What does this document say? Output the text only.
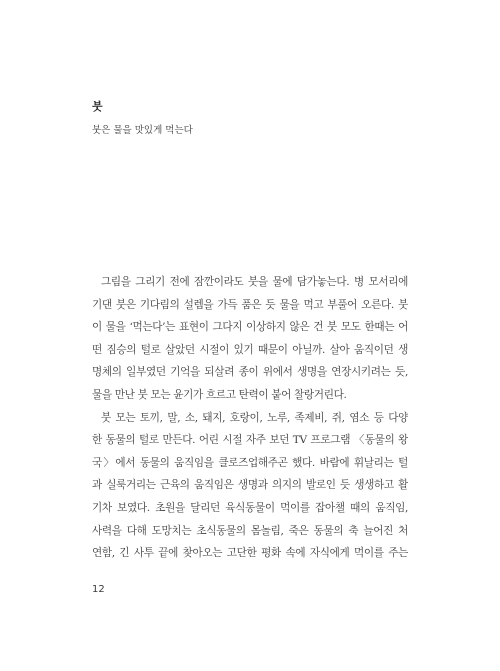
붓
붓은 물을 맛있게 먹는다
그림을 그리기 전에 잠깐이라도 붓을 물에 담가놓는다. 병 모서리에
기댄 붓은 기다림의 설렘을 가득 품은 듯 물을 먹고 부풀어 오른다. 붓
이 물을 ‘먹는다’는 표현이 그다지 이상하지 않은 건 붓 모도 한때는 어
떤 짐승의 털로 살았던 시절이 있기 때문이 아닐까. 살아 움직이던 생
명체의 일부였던 기억을 되살려 종이 위에서 생명을 연장시키려는 듯,
물을 만난 붓 모는 윤기가 흐르고 탄력이 붙어 찰랑거린다.
붓 모는 토끼, 말, 소, 돼지, 호랑이, 노루, 족제비, 쥐, 염소 등 다양
한 동물의 털로 만든다. 어린 시절 자주 보던 TV 프로그램 〈동물의 왕
국〉에서 동물의 움직임을 클로즈업해주곤 했다. 바람에 휘날리는 털
과 실룩거리는 근육의 움직임은 생명과 의지의 발로인 듯 생생하고 활
기차 보였다. 초원을 달리던 육식동물이 먹이를 잡아챌 때의 움직임,
사력을 다해 도망치는 초식동물의 몸놀림, 죽은 동물의 축 늘어진 처
연함, 긴 사투 끝에 찾아오는 고단한 평화 속에 자식에게 먹이를 주는
12
